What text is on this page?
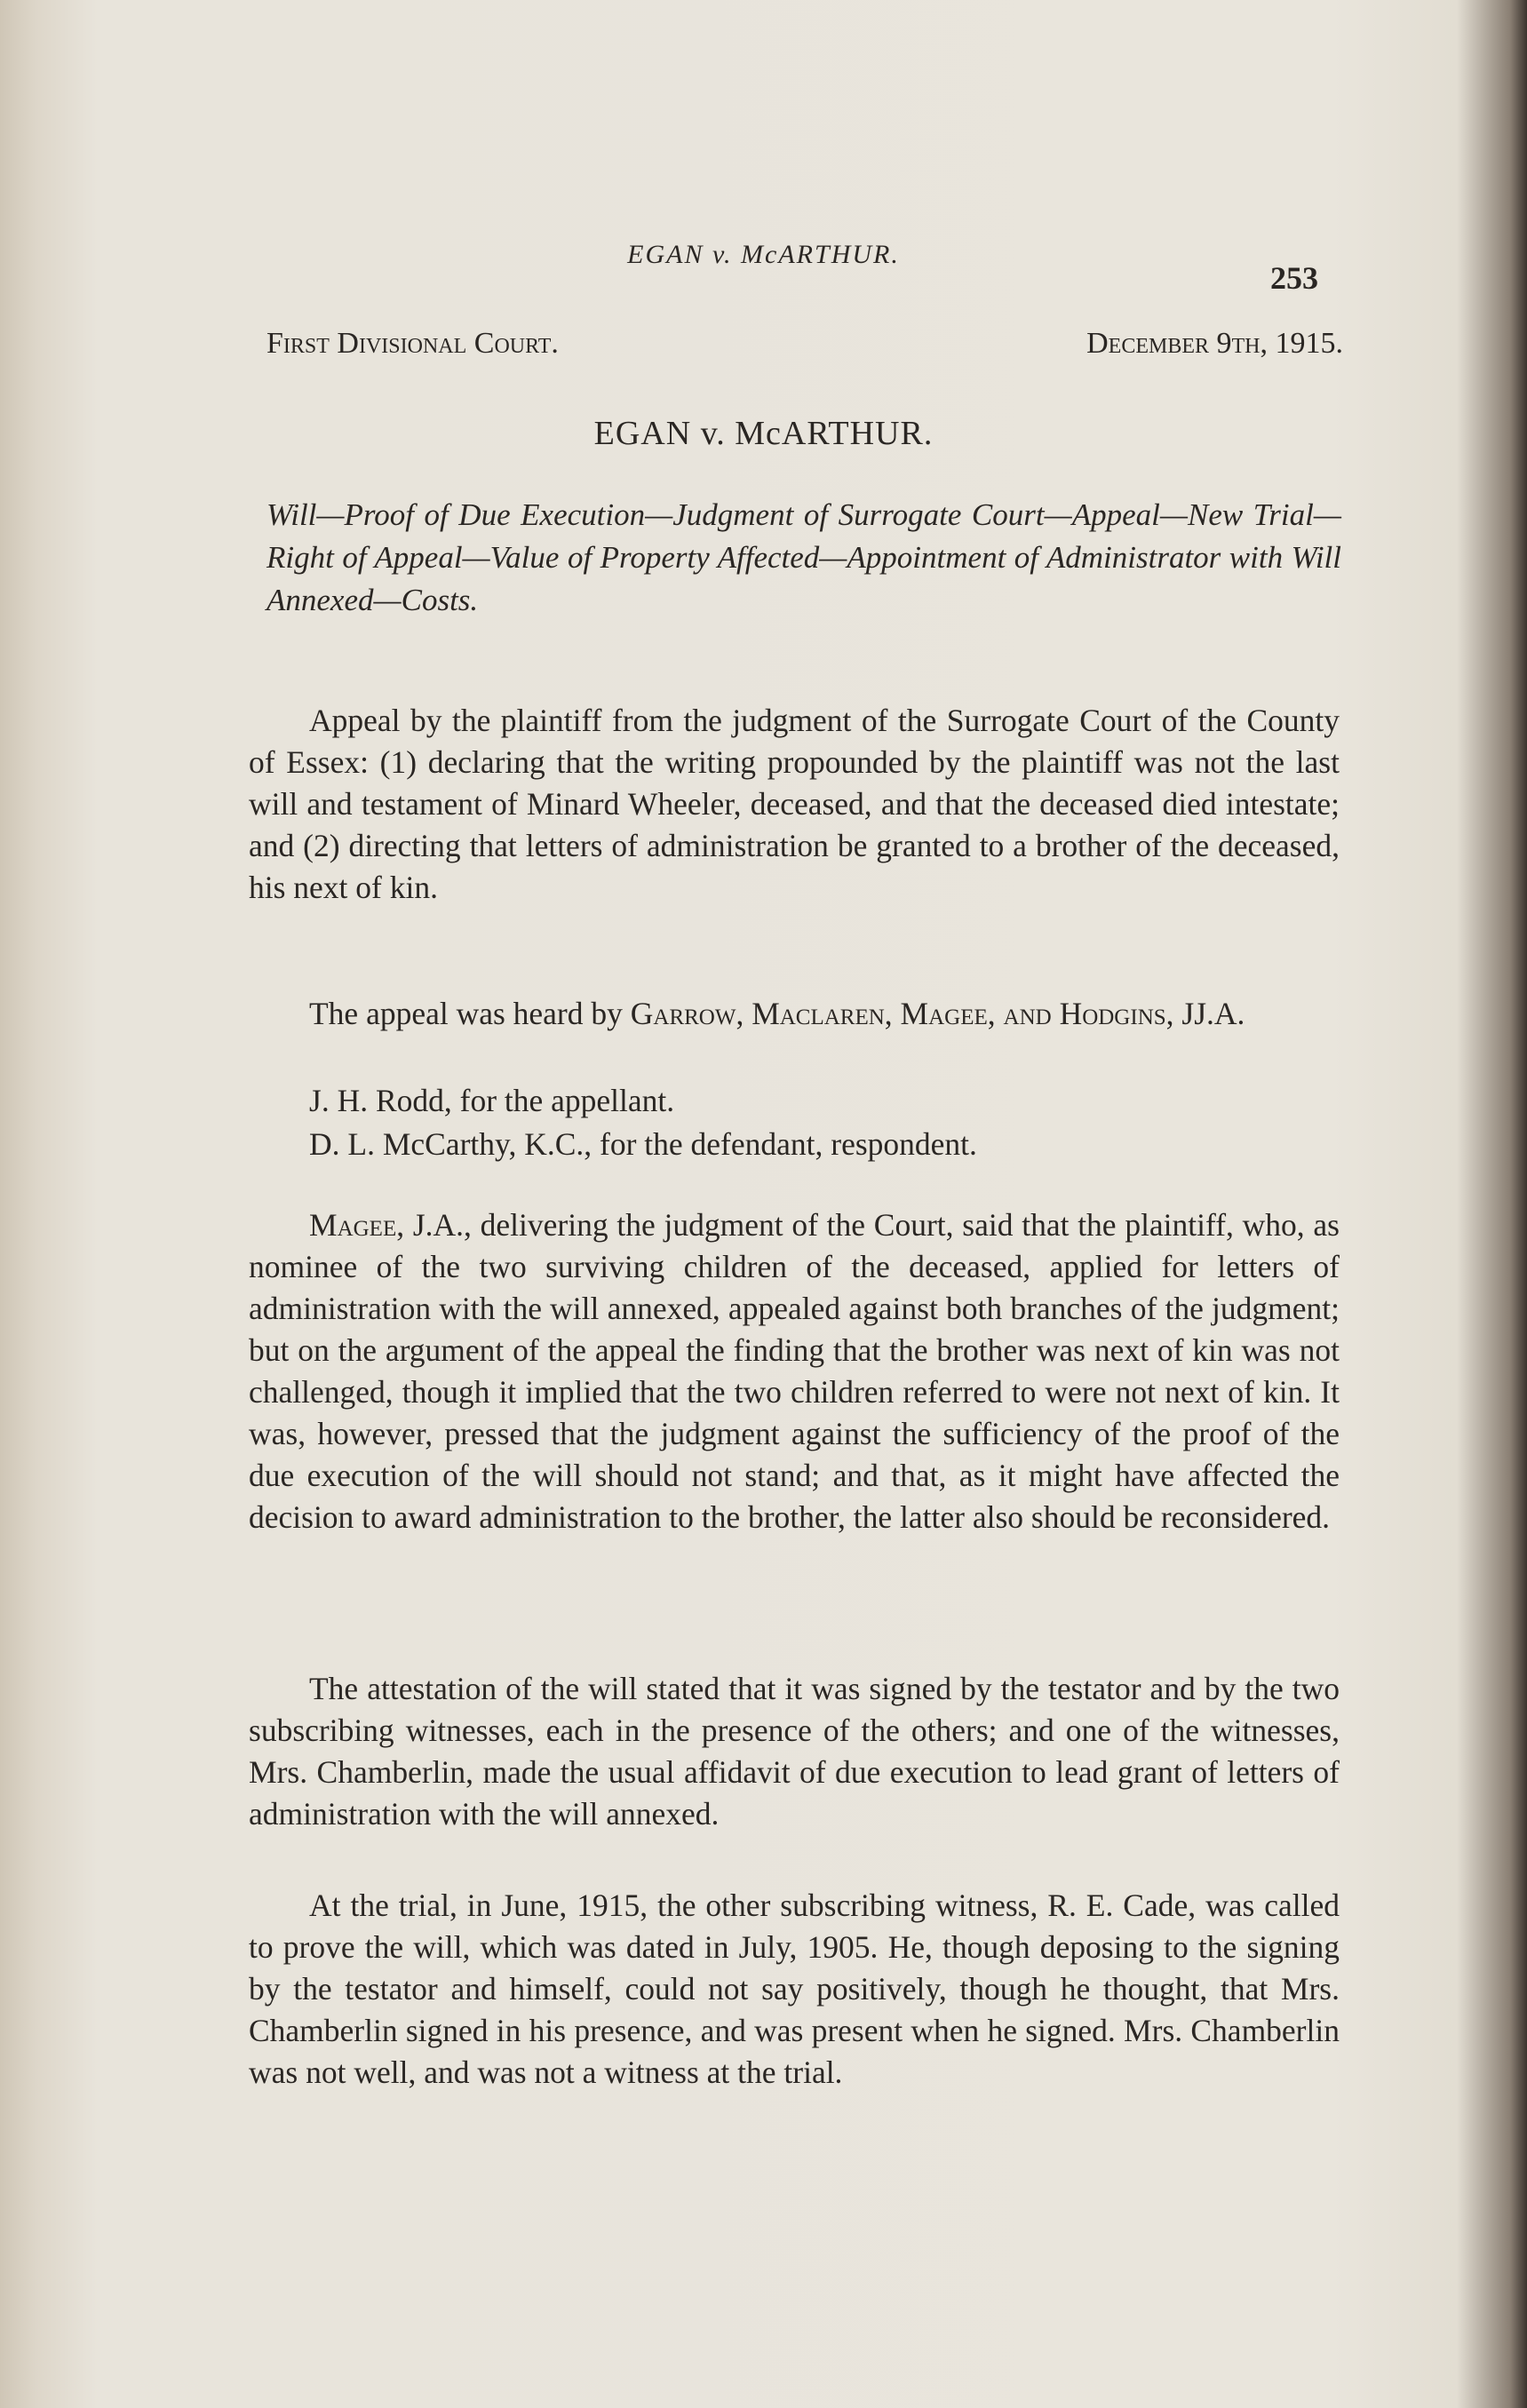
EGAN v. McARTHUR.
253
First Divisional Court.	December 9th, 1915.
EGAN v. McARTHUR.
Will—Proof of Due Execution—Judgment of Surrogate Court—Appeal—New Trial—Right of Appeal—Value of Property Affected—Appointment of Administrator with Will Annexed—Costs.

Appeal by the plaintiff from the judgment of the Surrogate Court of the County of Essex: (1) declaring that the writing propounded by the plaintiff was not the last will and testament of Minard Wheeler, deceased, and that the deceased died intestate; and (2) directing that letters of administration be granted to a brother of the deceased, his next of kin.

The appeal was heard by Garrow, Maclaren, Magee, and Hodgins, JJ.A.

J. H. Rodd, for the appellant.

D. L. McCarthy, K.C., for the defendant, respondent.

Magee, J.A., delivering the judgment of the Court, said that the plaintiff, who, as nominee of the two surviving children of the deceased, applied for letters of administration with the will annexed, appealed against both branches of the judgment; but on the argument of the appeal the finding that the brother was next of kin was not challenged, though it implied that the two children referred to were not next of kin. It was, however, pressed that the judgment against the sufficiency of the proof of the due execution of the will should not stand; and that, as it might have affected the decision to award administration to the brother, the latter also should be reconsidered.

The attestation of the will stated that it was signed by the testator and by the two subscribing witnesses, each in the presence of the others; and one of the witnesses, Mrs. Chamberlin, made the usual affidavit of due execution to lead grant of letters of administration with the will annexed.

At the trial, in June, 1915, the other subscribing witness, R. E. Cade, was called to prove the will, which was dated in July, 1905. He, though deposing to the signing by the testator and himself, could not say positively, though he thought, that Mrs. Chamberlin signed in his presence, and was present when he signed. Mrs. Chamberlin was not well, and was not a witness at the trial.
